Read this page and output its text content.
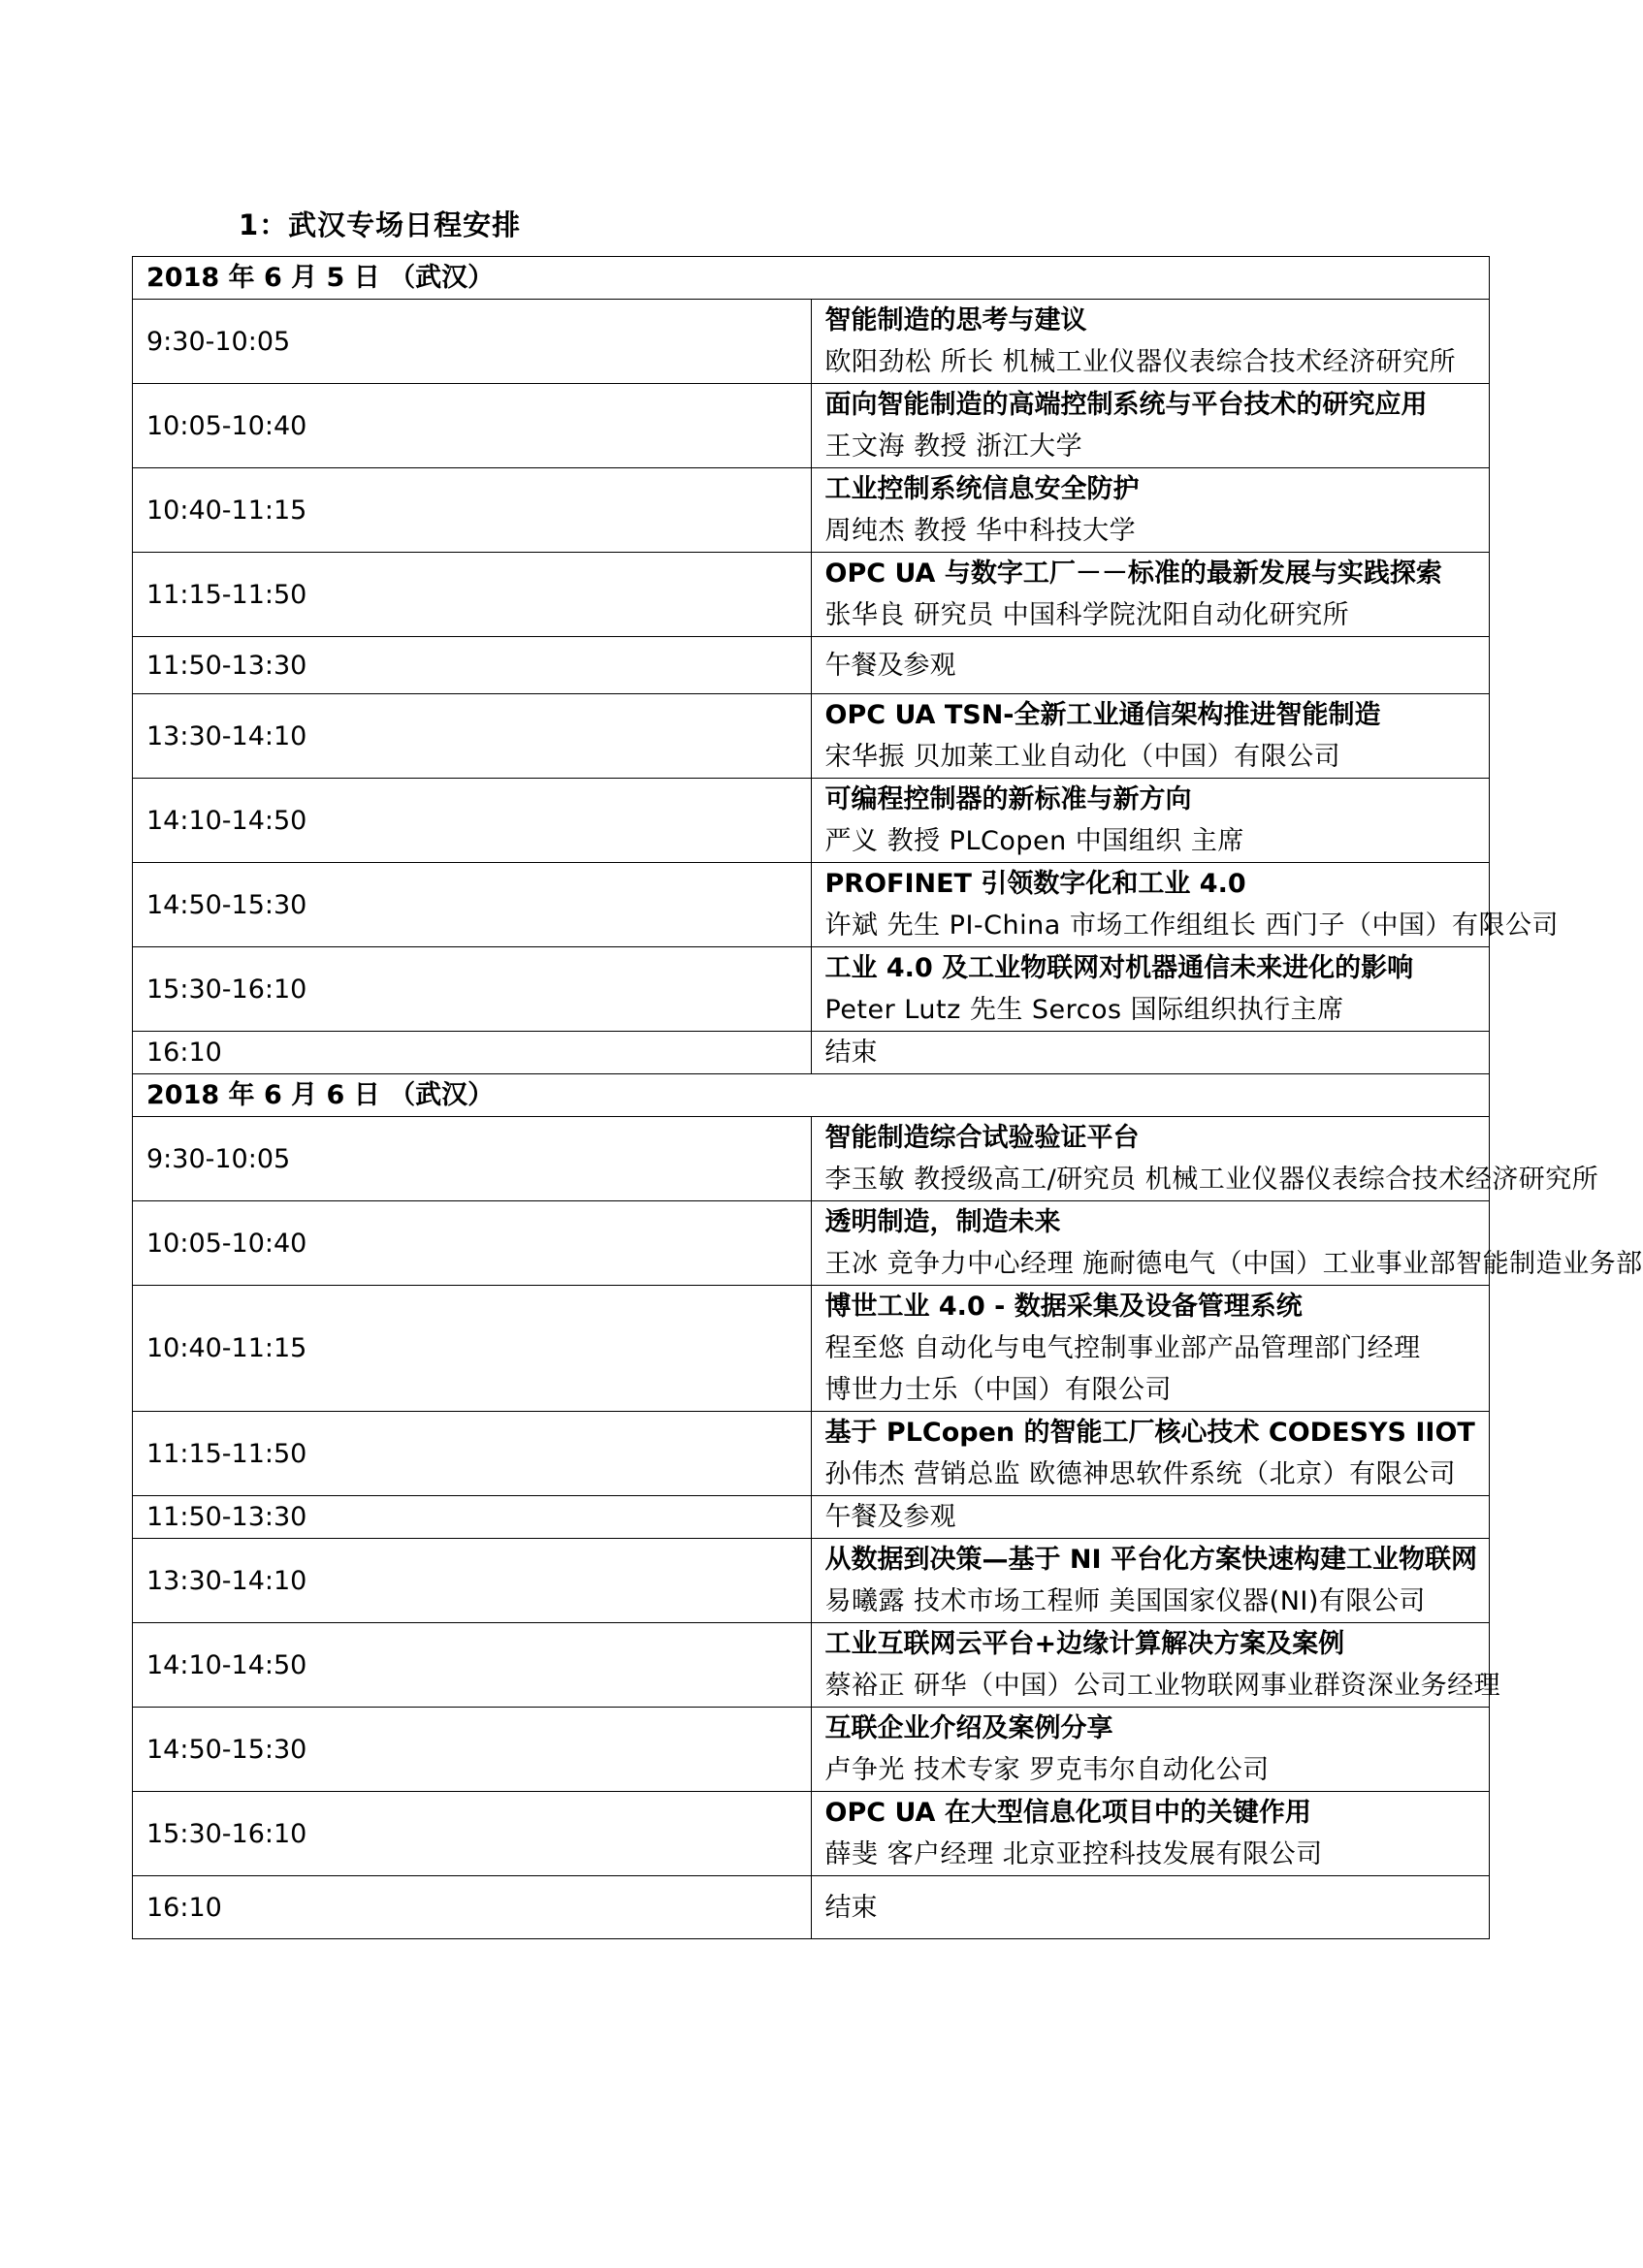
1：武汉专场日程安排
2018 年 6 月 5 日 （武汉）	
9:30-10:05	智能制造的思考与建议
欧阳劲松 所长 机械工业仪器仪表综合技术经济研究所

10:05-10:40	面向智能制造的高端控制系统与平台技术的研究应用
王文海 教授 浙江大学

10:40-11:15	工业控制系统信息安全防护
周纯杰 教授 华中科技大学

11:15-11:50	OPC UA 与数字工厂－－标准的最新发展与实践探索
张华良 研究员 中国科学院沈阳自动化研究所

11:50-13:30	午餐及参观
13:30-14:10	OPC UA TSN-全新工业通信架构推进智能制造
宋华振 贝加莱工业自动化（中国）有限公司

14:10-14:50	可编程控制器的新标准与新方向
严义 教授 PLCopen 中国组织 主席

14:50-15:30	PROFINET 引领数字化和工业 4.0
许斌 先生 PI-China 市场工作组组长 西门子（中国）有限公司

15:30-16:10	工业 4.0 及工业物联网对机器通信未来进化的影响
Peter Lutz 先生 Sercos 国际组织执行主席

16:10	结束
2018 年 6 月 6 日 （武汉）	
9:30-10:05	智能制造综合试验验证平台
李玉敏 教授级高工/研究员 机械工业仪器仪表综合技术经济研究所

10:05-10:40	透明制造，制造未来
王冰 竞争力中心经理 施耐德电气（中国）工业事业部智能制造业务部

10:40-11:15	博世工业 4.0 - 数据采集及设备管理系统
程至悠 自动化与电气控制事业部产品管理部门经理
博世力士乐（中国）有限公司

11:15-11:50	基于 PLCopen 的智能工厂核心技术 CODESYS IIOT
孙伟杰 营销总监 欧德神思软件系统（北京）有限公司

11:50-13:30	午餐及参观
13:30-14:10	从数据到决策—基于 NI 平台化方案快速构建工业物联网
易曦露 技术市场工程师 美国国家仪器(NI)有限公司

14:10-14:50	工业互联网云平台+边缘计算解决方案及案例
蔡裕正 研华（中国）公司工业物联网事业群资深业务经理

14:50-15:30	互联企业介绍及案例分享
卢争光 技术专家 罗克韦尔自动化公司

15:30-16:10	OPC UA 在大型信息化项目中的关键作用
薛斐 客户经理 北京亚控科技发展有限公司

16:10	结束
